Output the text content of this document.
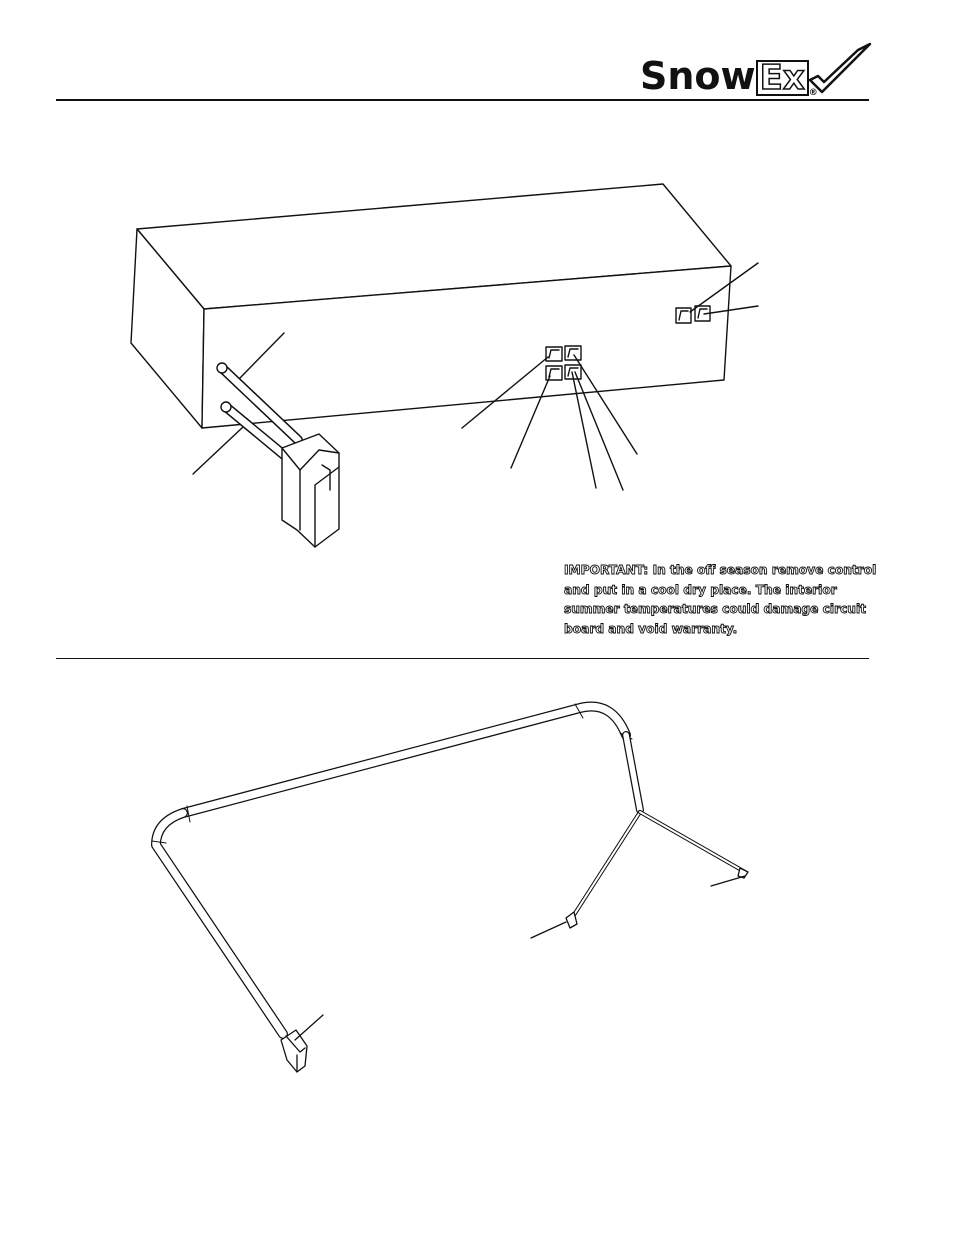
Snow Ex ®
IMPORTANT: In the off season remove control and put in a cool dry place. The interior summer temperatures could damage circuit board and void warranty.
